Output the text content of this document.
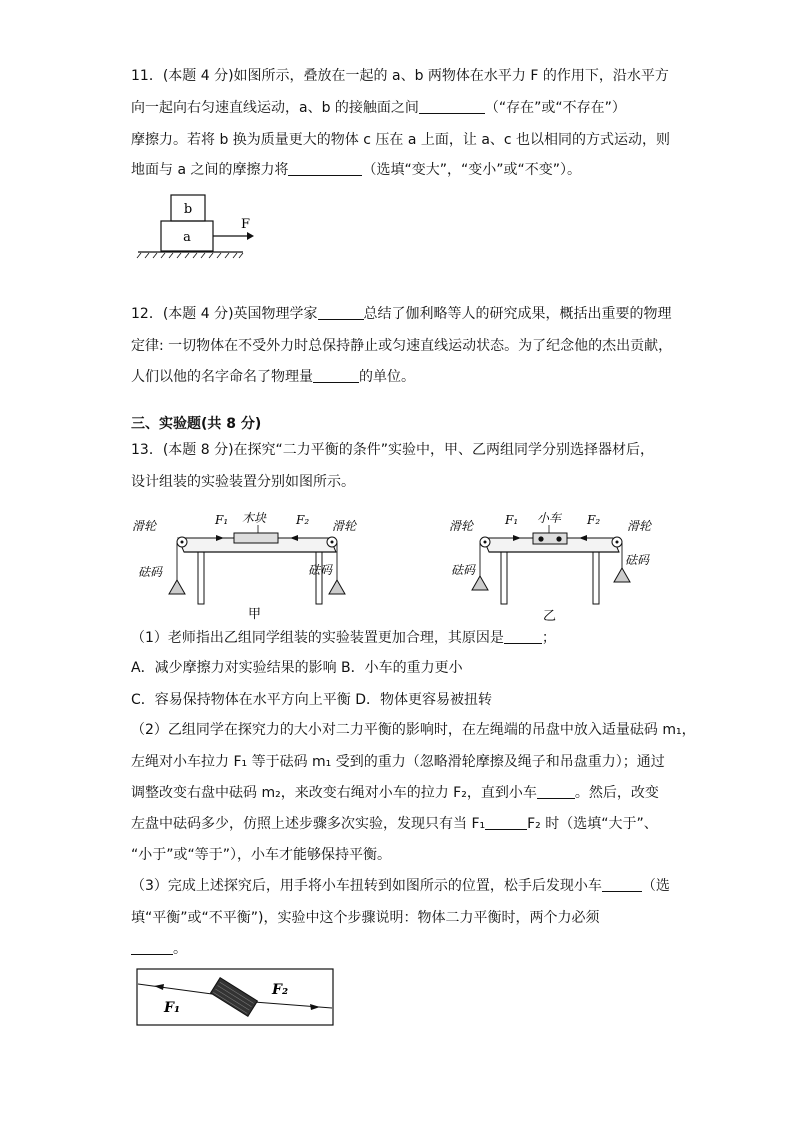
11．(本题 4 分)如图所示，叠放在一起的 a、b 两物体在水平力 F 的作用下，沿水平方
向一起向右匀速直线运动，a、b 的接触面之间	（“存在”或“不存在”）
摩擦力。若将 b 换为质量更大的物体 c 压在 a 上面，让 a、c 也以相同的方式运动，则
地面与 a 之间的摩擦力将	（选填“变大”，“变小”或“不变”）。
b
a
F
12．(本题 4 分)英国物理学家	总结了伽利略等人的研究成果，概括出重要的物理
定律: 一切物体在不受外力时总保持静止或匀速直线运动状态。为了纪念他的杰出贡献，
人们以他的名字命名了物理量	的单位。
三、实验题(共 8 分)
13．(本题 8 分)在探究“二力平衡的条件”实验中，甲、乙两组同学分别选择器材后，
设计组装的实验装置分别如图所示。
滑轮	滑轮
F₁	F₂
木块
砝码	砝码
甲
滑轮	滑轮
F₁	F₂
小车
砝码
砝码
乙
（1）老师指出乙组同学组装的实验装置更加合理，其原因是	；
A．减少摩擦力对实验结果的影响 B．小车的重力更小
C．容易保持物体在水平方向上平衡 D．物体更容易被扭转
（2）乙组同学在探究力的大小对二力平衡的影响时，在左绳端的吊盘中放入适量砝码 m₁，
左绳对小车拉力 F₁ 等于砝码 m₁ 受到的重力（忽略滑轮摩擦及绳子和吊盘重力）；通过
调整改变右盘中砝码 m₂，来改变右绳对小车的拉力 F₂，直到小车	。然后，改变
左盘中砝码多少，仿照上述步骤多次实验，发现只有当 F₁	F₂ 时（选填“大于”、
“小于”或“等于”），小车才能够保持平衡。
（3）完成上述探究后，用手将小车扭转到如图所示的位置，松手后发现小车	（选
填“平衡”或“不平衡”)，实验中这个步骤说明：物体二力平衡时，两个力必须
。
F₁
F₂
